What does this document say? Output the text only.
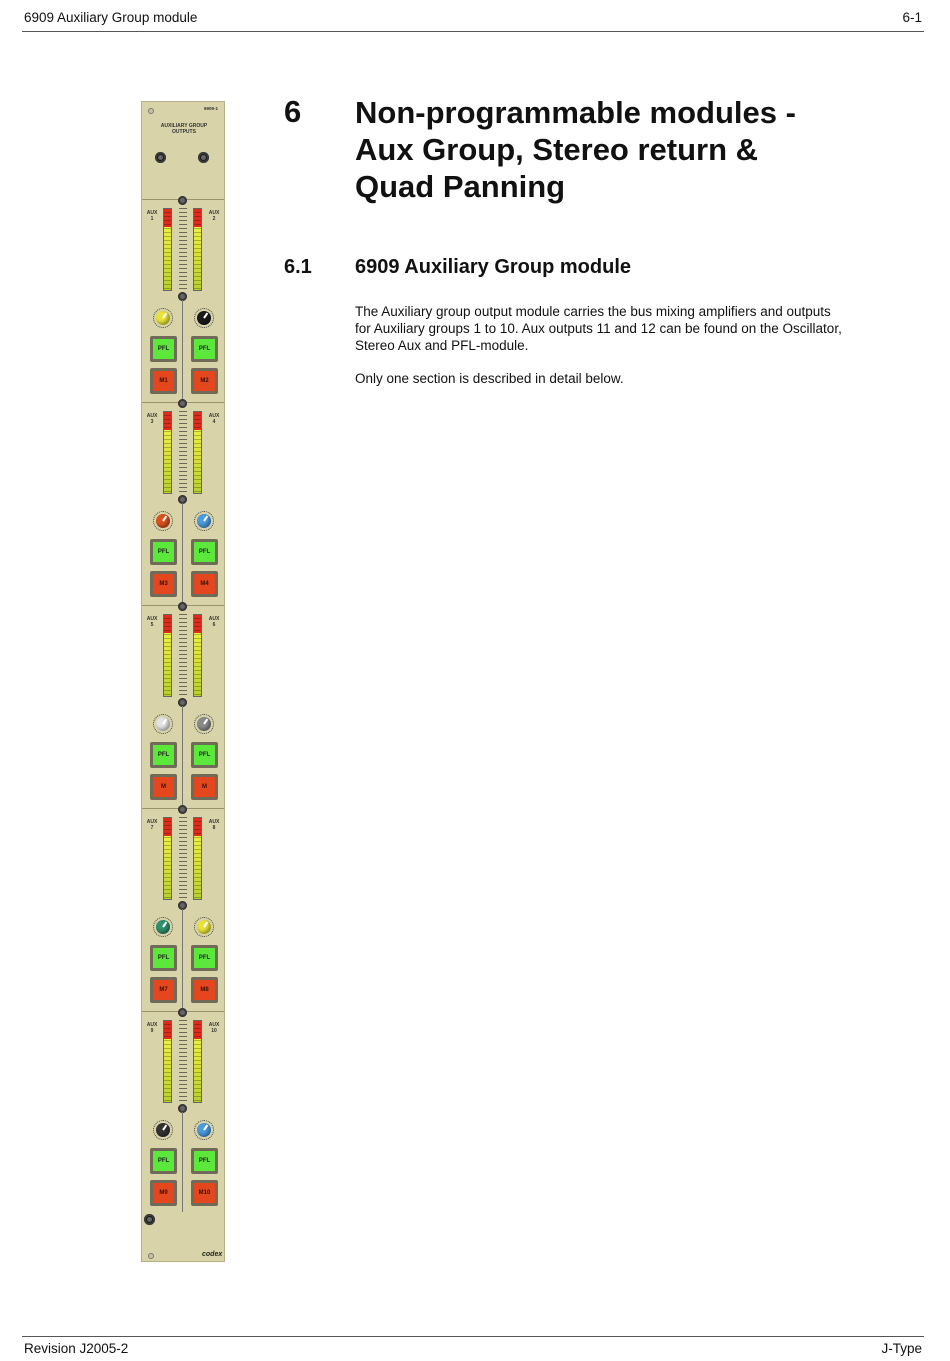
6909 Auxiliary Group module	6-1
6909-1
AUXILIARY GROUP OUTPUTS
AUX 1
PFL
M1
AUX 2
PFL
M2
AUX 3
PFL
M3
AUX 4
PFL
M4
AUX 5
PFL
M
AUX 6
PFL
M
AUX 7
PFL
M7
AUX 8
PFL
M8
AUX 9
PFL
M9
AUX 10
PFL
M10
codex
6 Non-programmable modules - Aux Group, Stereo return & Quad Panning
6.1 6909 Auxiliary Group module

The Auxiliary group output module carries the bus mixing amplifiers and outputs for Auxiliary groups 1 to 10. Aux outputs 11 and 12 can be found on the Oscillator, Stereo Aux and PFL-module.

Only one section is described in detail below.

Revision J2005-2	J-Type
